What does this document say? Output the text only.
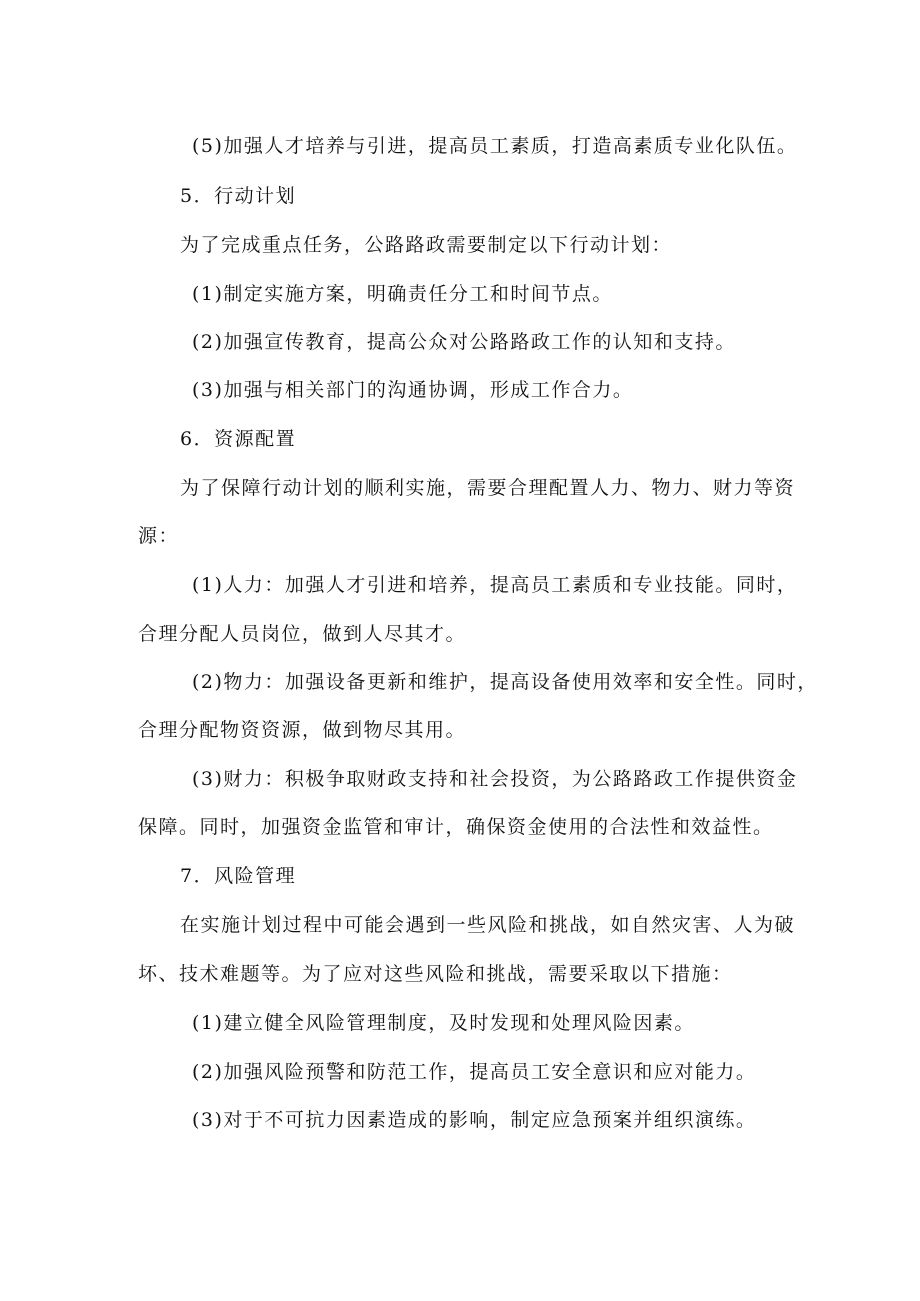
(5)加强人才培养与引进，提高员工素质，打造高素质专业化队伍。
5．行动计划
为了完成重点任务，公路路政需要制定以下行动计划：
(1)制定实施方案，明确责任分工和时间节点。
(2)加强宣传教育，提高公众对公路路政工作的认知和支持。
(3)加强与相关部门的沟通协调，形成工作合力。
6．资源配置
为了保障行动计划的顺利实施，需要合理配置人力、物力、财力等资
源：
(1)人力：加强人才引进和培养，提高员工素质和专业技能。同时，
合理分配人员岗位，做到人尽其才。
(2)物力：加强设备更新和维护，提高设备使用效率和安全性。同时，
合理分配物资资源，做到物尽其用。
(3)财力：积极争取财政支持和社会投资，为公路路政工作提供资金
保障。同时，加强资金监管和审计，确保资金使用的合法性和效益性。
7．风险管理
在实施计划过程中可能会遇到一些风险和挑战，如自然灾害、人为破
坏、技术难题等。为了应对这些风险和挑战，需要采取以下措施：
(1)建立健全风险管理制度，及时发现和处理风险因素。
(2)加强风险预警和防范工作，提高员工安全意识和应对能力。
(3)对于不可抗力因素造成的影响，制定应急预案并组织演练。
